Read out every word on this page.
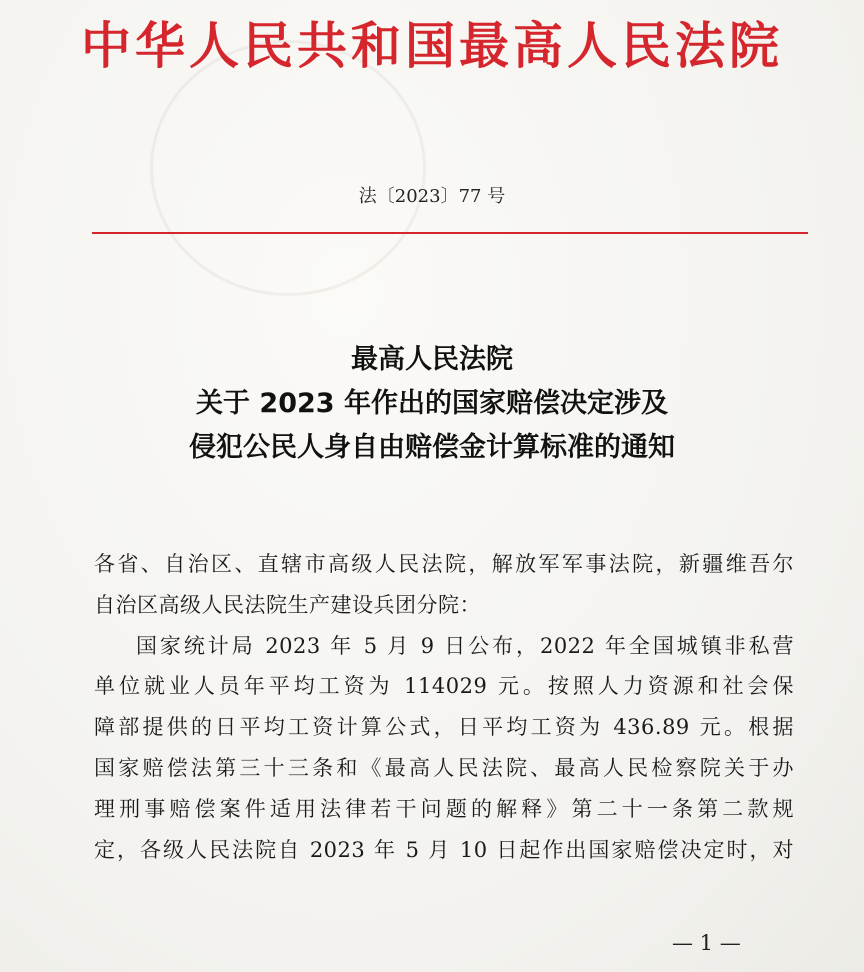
中华人民共和国最高人民法院
法〔2023〕77 号
最高人民法院
关于 2023 年作出的国家赔偿决定涉及
侵犯公民人身自由赔偿金计算标准的通知
各省、自治区、直辖市高级人民法院，解放军军事法院，新疆维吾尔
自治区高级人民法院生产建设兵团分院：
国家统计局 2023 年 5 月 9 日公布，2022 年全国城镇非私营
单位就业人员年平均工资为 114029 元。按照人力资源和社会保
障部提供的日平均工资计算公式，日平均工资为 436.89 元。根据
国家赔偿法第三十三条和《最高人民法院、最高人民检察院关于办
理刑事赔偿案件适用法律若干问题的解释》第二十一条第二款规
定，各级人民法院自 2023 年 5 月 10 日起作出国家赔偿决定时，对
— 1 —
